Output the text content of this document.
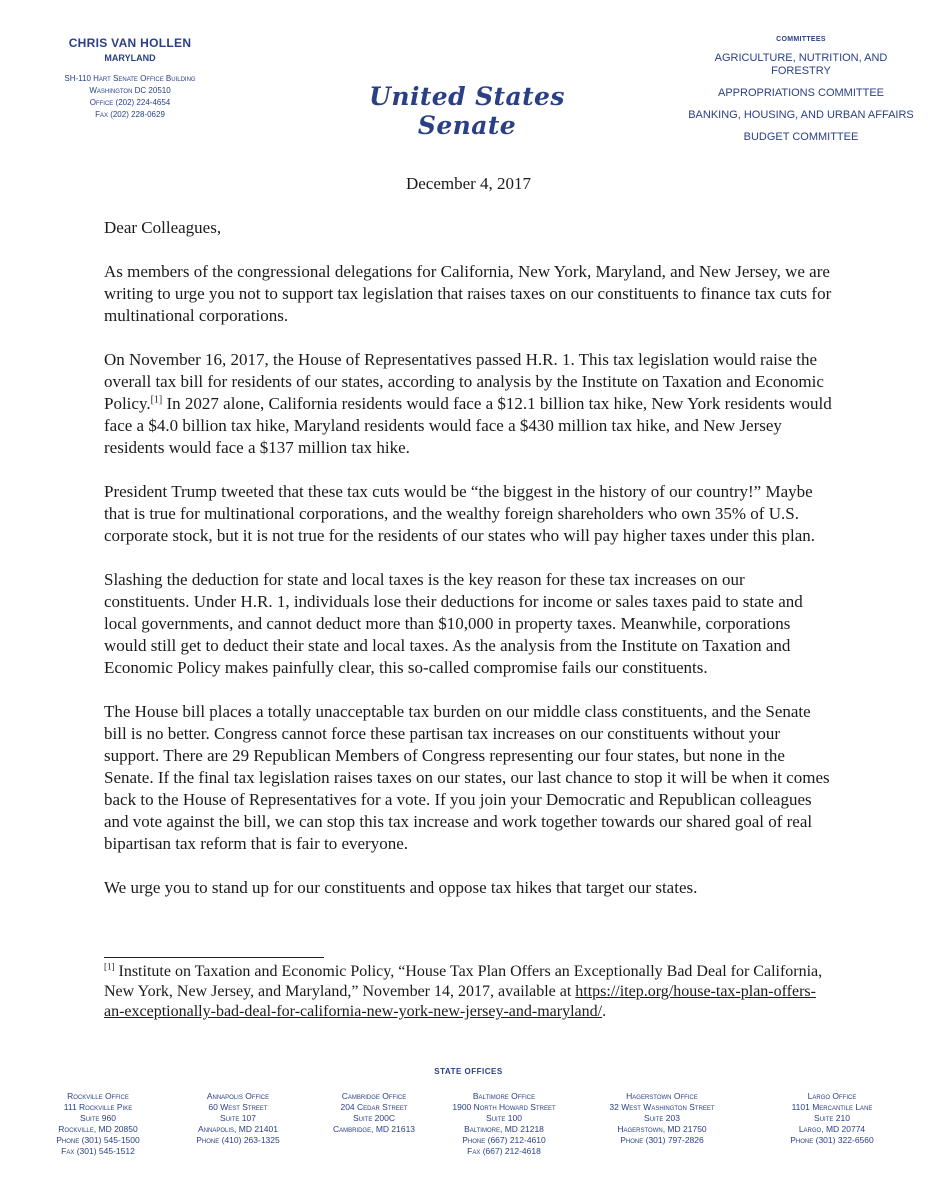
CHRIS VAN HOLLEN
MARYLAND
SH-110 Hart Senate Office Building
Washington DC 20510
Office (202) 224-4654
Fax (202) 228-0629
United States Senate
COMMITTEES
AGRICULTURE, NUTRITION, AND FORESTRY
APPROPRIATIONS COMMITTEE
BANKING, HOUSING, AND URBAN AFFAIRS
BUDGET COMMITTEE
December 4, 2017

Dear Colleagues,

As members of the congressional delegations for California, New York, Maryland, and New Jersey, we are writing to urge you not to support tax legislation that raises taxes on our constituents to finance tax cuts for multinational corporations.

On November 16, 2017, the House of Representatives passed H.R. 1. This tax legislation would raise the overall tax bill for residents of our states, according to analysis by the Institute on Taxation and Economic Policy.[1] In 2027 alone, California residents would face a $12.1 billion tax hike, New York residents would face a $4.0 billion tax hike, Maryland residents would face a $430 million tax hike, and New Jersey residents would face a $137 million tax hike.

President Trump tweeted that these tax cuts would be “the biggest in the history of our country!” Maybe that is true for multinational corporations, and the wealthy foreign shareholders who own 35% of U.S. corporate stock, but it is not true for the residents of our states who will pay higher taxes under this plan.

Slashing the deduction for state and local taxes is the key reason for these tax increases on our constituents. Under H.R. 1, individuals lose their deductions for income or sales taxes paid to state and local governments, and cannot deduct more than $10,000 in property taxes. Meanwhile, corporations would still get to deduct their state and local taxes. As the analysis from the Institute on Taxation and Economic Policy makes painfully clear, this so-called compromise fails our constituents.

The House bill places a totally unacceptable tax burden on our middle class constituents, and the Senate bill is no better. Congress cannot force these partisan tax increases on our constituents without your support. There are 29 Republican Members of Congress representing our four states, but none in the Senate. If the final tax legislation raises taxes on our states, our last chance to stop it will be when it comes back to the House of Representatives for a vote. If you join your Democratic and Republican colleagues and vote against the bill, we can stop this tax increase and work together towards our shared goal of real bipartisan tax reform that is fair to everyone.

We urge you to stand up for our constituents and oppose tax hikes that target our states.

[1] Institute on Taxation and Economic Policy, “House Tax Plan Offers an Exceptionally Bad Deal for California, New York, New Jersey, and Maryland,” November 14, 2017, available at https://itep.org/house-tax-plan-offers-an-exceptionally-bad-deal-for-california-new-york-new-jersey-and-maryland/.
STATE OFFICES
Rockville Office
111 Rockville Pike
Suite 960
Rockville, MD 20850
Phone (301) 545-1500
Fax (301) 545-1512
Annapolis Office
60 West Street
Suite 107
Annapolis, MD 21401
Phone (410) 263-1325
Cambridge Office
204 Cedar Street
Suite 200C
Cambridge, MD 21613
Baltimore Office
1900 North Howard Street
Suite 100
Baltimore, MD 21218
Phone (667) 212-4610
Fax (667) 212-4618
Hagerstown Office
32 West Washington Street
Suite 203
Hagerstown, MD 21750
Phone (301) 797-2826
Largo Office
1101 Mercantile Lane
Suite 210
Largo, MD 20774
Phone (301) 322-6560
